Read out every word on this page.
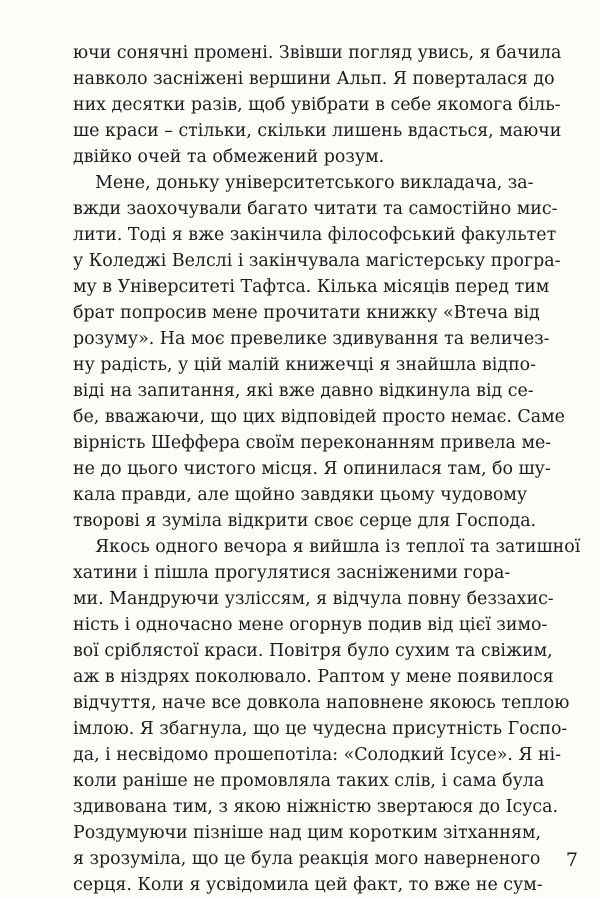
ючи сонячні промені. Звівши погляд увись, я бачила
навколо засніжені вершини Альп. Я поверталася до
них десятки разів, щоб увібрати в себе якомога біль-
ше краси – стільки, скільки лишень вдасться, маючи
двійко очей та обмежений розум.
Мене, доньку університетського викладача, за-
вжди заохочували багато читати та самостійно мис-
лити. Тоді я вже закінчила філософський факультет
у Коледжі Велслі і закінчувала магістерську програ-
му в Університеті Тафтса. Кілька місяців перед тим
брат попросив мене прочитати книжку «Втеча від
розуму». На моє превелике здивування та величез-
ну радість, у цій малій книжечці я знайшла відпо-
віді на запитання, які вже давно відкинула від се-
бе, вважаючи, що цих відповідей просто немає. Саме
вірність Шеффера своїм переконанням привела ме-
не до цього чистого місця. Я опинилася там, бо шу-
кала правди, але щойно завдяки цьому чудовому
творові я зуміла відкрити своє серце для Господа.
Якось одного вечора я вийшла із теплої та затишної
хатини і пішла прогулятися засніженими гора-
ми. Мандруючи узліссям, я відчула повну беззахис-
ність і одночасно мене огорнув подив від цієї зимо-
вої сріблястої краси. Повітря було сухим та свіжим,
аж в ніздрях поколювало. Раптом у мене появилося
відчуття, наче все довкола наповнене якоюсь теплою
імлою. Я збагнула, що це чудесна присутність Госпо-
да, і несвідомо прошепотіла: «Солодкий Ісусе». Я ні-
коли раніше не промовляла таких слів, і сама була
здивована тим, з якою ніжністю звертаюся до Ісуса.
Роздумуючи пізніше над цим коротким зітханням,
я зрозуміла, що це була реакція мого наверненого
серця. Коли я усвідомила цей факт, то вже не сум-
7
